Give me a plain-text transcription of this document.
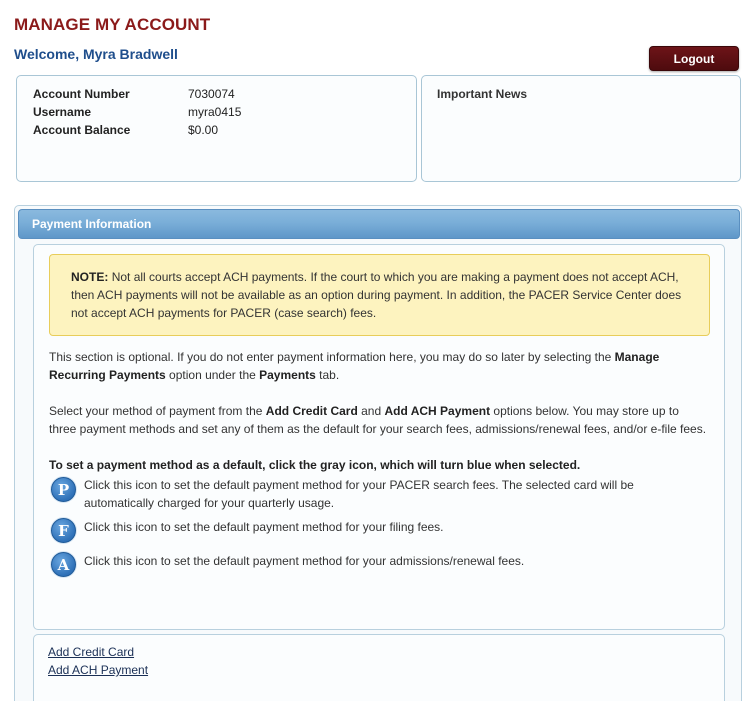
MANAGE MY ACCOUNT
Welcome, Myra Bradwell	Logout
Account Number	7030074
Username	myra0415
Account Balance	$0.00
Important News
Payment Information
NOTE: Not all courts accept ACH payments. If the court to which you are making a payment does not accept ACH, then ACH payments will not be available as an option during payment. In addition, the PACER Service Center does not accept ACH payments for PACER (case search) fees.
This section is optional. If you do not enter payment information here, you may do so later by selecting the Manage Recurring Payments option under the Payments tab.
Select your method of payment from the Add Credit Card and Add ACH Payment options below. You may store up to three payment methods and set any of them as the default for your search fees, admissions/renewal fees, and/or e-file fees.
To set a payment method as a default, click the gray icon, which will turn blue when selected.
P	Click this icon to set the default payment method for your PACER search fees. The selected card will be automatically charged for your quarterly usage.
F	Click this icon to set the default payment method for your filing fees.
A	Click this icon to set the default payment method for your admissions/renewal fees.
Add Credit Card
Add ACH Payment
